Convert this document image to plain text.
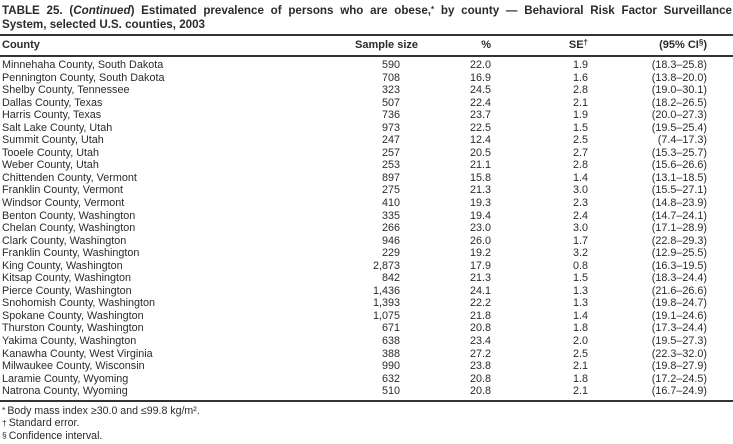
TABLE 25. (Continued) Estimated prevalence of persons who are obese,* by county — Behavioral Risk Factor Surveillance
System, selected U.S. counties, 2003
County	Sample size	%	SE†	(95% CI§)
Minnehaha County, South Dakota	590	22.0	1.9	(18.3–25.8)
Pennington County, South Dakota	708	16.9	1.6	(13.8–20.0)
Shelby County, Tennessee	323	24.5	2.8	(19.0–30.1)
Dallas County, Texas	507	22.4	2.1	(18.2–26.5)
Harris County, Texas	736	23.7	1.9	(20.0–27.3)
Salt Lake County, Utah	973	22.5	1.5	(19.5–25.4)
Summit County, Utah	247	12.4	2.5	(7.4–17.3)
Tooele County, Utah	257	20.5	2.7	(15.3–25.7)
Weber County, Utah	253	21.1	2.8	(15.6–26.6)
Chittenden County, Vermont	897	15.8	1.4	(13.1–18.5)
Franklin County, Vermont	275	21.3	3.0	(15.5–27.1)
Windsor County, Vermont	410	19.3	2.3	(14.8–23.9)
Benton County, Washington	335	19.4	2.4	(14.7–24.1)
Chelan County, Washington	266	23.0	3.0	(17.1–28.9)
Clark County, Washington	946	26.0	1.7	(22.8–29.3)
Franklin County, Washington	229	19.2	3.2	(12.9–25.5)
King County, Washington	2,873	17.9	0.8	(16.3–19.5)
Kitsap County, Washington	842	21.3	1.5	(18.3–24.4)
Pierce County, Washington	1,436	24.1	1.3	(21.6–26.6)
Snohomish County, Washington	1,393	22.2	1.3	(19.8–24.7)
Spokane County, Washington	1,075	21.8	1.4	(19.1–24.6)
Thurston County, Washington	671	20.8	1.8	(17.3–24.4)
Yakima County, Washington	638	23.4	2.0	(19.5–27.3)
Kanawha County, West Virginia	388	27.2	2.5	(22.3–32.0)
Milwaukee County, Wisconsin	990	23.8	2.1	(19.8–27.9)
Laramie County, Wyoming	632	20.8	1.8	(17.2–24.5)
Natrona County, Wyoming	510	20.8	2.1	(16.7–24.9)
* Body mass index ≥30.0 and ≤99.8 kg/m².
† Standard error.
§ Confidence interval.
